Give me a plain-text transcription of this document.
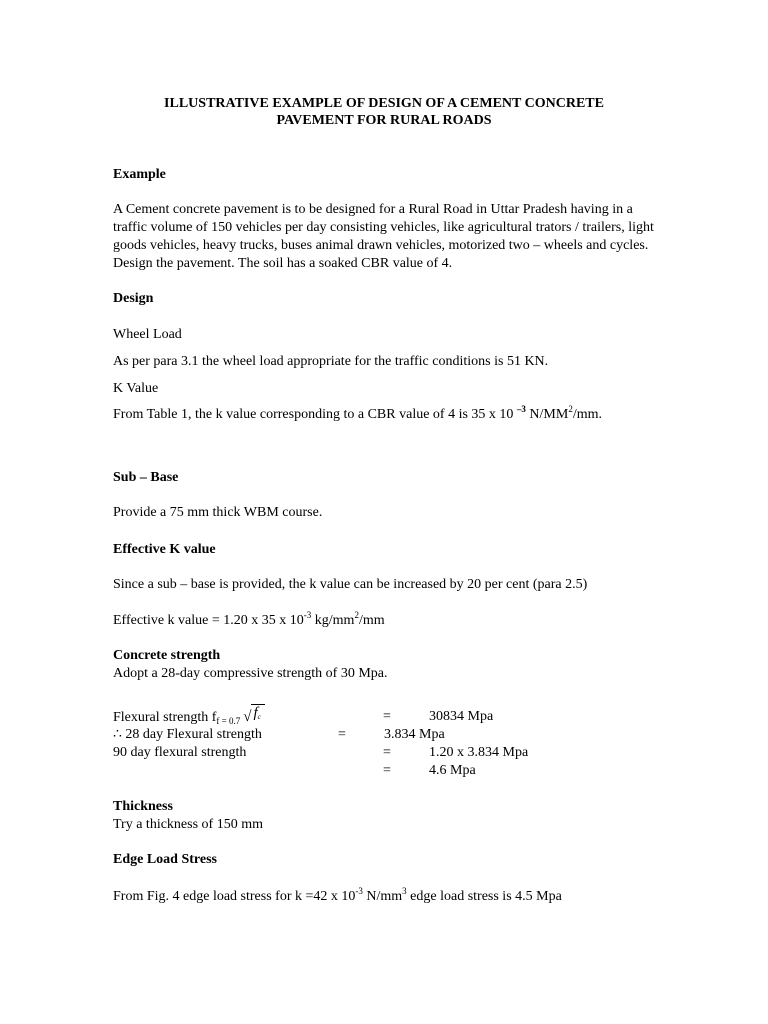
ILLUSTRATIVE EXAMPLE OF DESIGN OF A CEMENT CONCRETE
PAVEMENT FOR RURAL ROADS
Example
A Cement concrete pavement is to be designed for a Rural Road in Uttar Pradesh having in a traffic volume of 150 vehicles per day consisting vehicles, like agricultural trators / trailers, light goods vehicles, heavy trucks, buses animal drawn vehicles, motorized two – wheels and cycles. Design the pavement. The soil has a soaked CBR value of 4.
Design
Wheel Load
As per para 3.1 the wheel load appropriate for the traffic conditions is 51 KN.
K Value
From Table 1, the k value corresponding to a CBR value of 4 is 35 x 10 $^{-3}$ $N/MM^2/mm$.
Sub – Base
Provide a 75 mm thick WBM course.
Effective K value
Since a sub – base is provided, the k value can be increased by 20 per cent (para 2.5)
Effective k value = 1.20 x 35 x $10^{-3}$ $kg/mm^2/mm$
Concrete strength
Adopt a 28-day compressive strength of 30 Mpa.
Flexural strength $f_{f = 0.7}$ √ $f_c$	=	30834 Mpa
∴ 28 day Flexural strength	=	3.834 Mpa
90 day flexural strength	=	1.20 x 3.834 Mpa
=	4.6 Mpa
Thickness
Try a thickness of 150 mm
Edge Load Stress
From Fig. 4 edge load stress for k =42 x $10^{-3}$ $N/mm^3$ edge load stress is 4.5 Mpa
